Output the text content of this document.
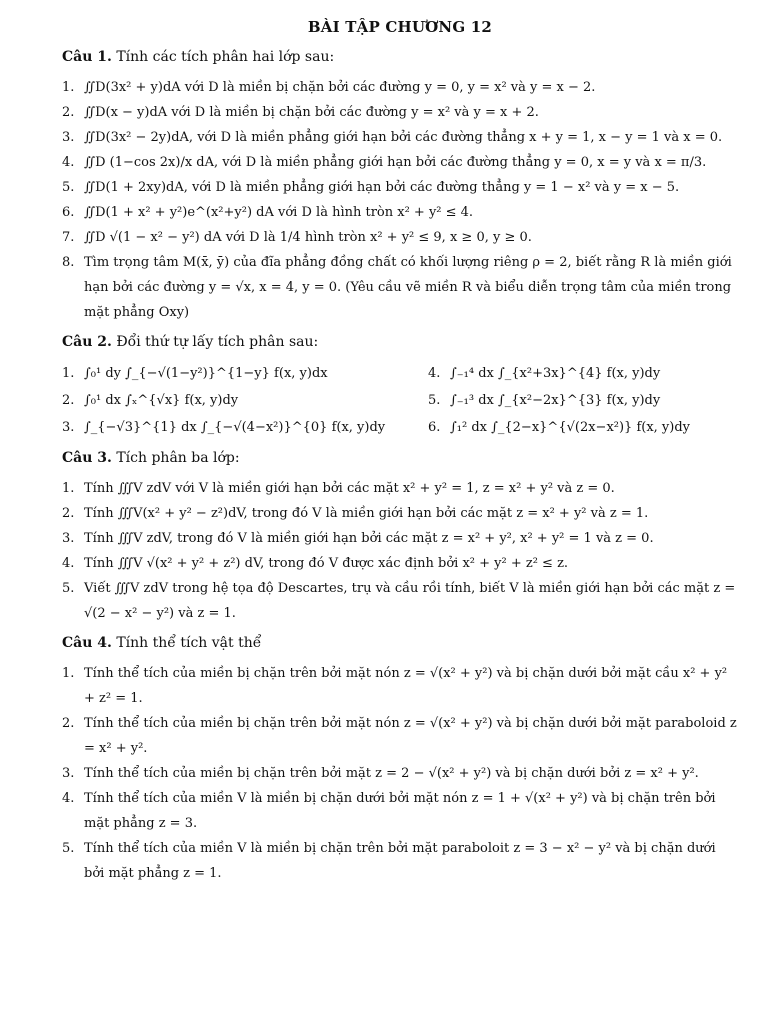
BÀI TẬP CHƯƠNG 12
Câu 1. Tính các tích phân hai lớp sau:
1. ∬D(3x² + y)dA với D là miền bị chặn bởi các đường y = 0, y = x² và y = x − 2.
2. ∬D(x − y)dA với D là miền bị chặn bởi các đường y = x² và y = x + 2.
3. ∬D(3x² − 2y)dA, với D là miền phẳng giới hạn bởi các đường thẳng x + y = 1, x − y = 1 và x = 0.
4. ∬D (1−cos 2x)/x dA, với D là miền phẳng giới hạn bởi các đường thẳng y = 0, x = y và x = π/3.
5. ∬D(1 + 2xy)dA, với D là miền phẳng giới hạn bởi các đường thẳng y = 1 − x² và y = x − 5.
6. ∬D(1 + x² + y²)e^(x²+y²) dA với D là hình tròn x² + y² ≤ 4.
7. ∬D √(1 − x² − y²) dA với D là 1/4 hình tròn x² + y² ≤ 9, x ≥ 0, y ≥ 0.
8. Tìm trọng tâm M(x̄, ȳ) của đĩa phẳng đồng chất có khối lượng riêng ρ = 2, biết rằng R là miền giới hạn bởi các đường y = √x, x = 4, y = 0. (Yêu cầu vẽ miền R và biểu diễn trọng tâm của miền trong mặt phẳng Oxy)
Câu 2. Đổi thứ tự lấy tích phân sau:
1. ∫₀¹ dy ∫_{−√(1−y²)}^{1−y} f(x, y)dx	4. ∫₋₁⁴ dx ∫_{x²+3x}^{4} f(x, y)dy
2. ∫₀¹ dx ∫ₓ^{√x} f(x, y)dy	5. ∫₋₁³ dx ∫_{x²−2x}^{3} f(x, y)dy
3. ∫_{−√3}^{1} dx ∫_{−√(4−x²)}^{0} f(x, y)dy	6. ∫₁² dx ∫_{2−x}^{√(2x−x²)} f(x, y)dy
Câu 3. Tích phân ba lớp:
1. Tính ∭V zdV với V là miền giới hạn bởi các mặt x² + y² = 1, z = x² + y² và z = 0.
2. Tính ∭V(x² + y² − z²)dV, trong đó V là miền giới hạn bởi các mặt z = x² + y² và z = 1.
3. Tính ∭V zdV, trong đó V là miền giới hạn bởi các mặt z = x² + y², x² + y² = 1 và z = 0.
4. Tính ∭V √(x² + y² + z²) dV, trong đó V được xác định bởi x² + y² + z² ≤ z.
5. Viết ∭V zdV trong hệ tọa độ Descartes, trụ và cầu rồi tính, biết V là miền giới hạn bởi các mặt z = √(2 − x² − y²) và z = 1.
Câu 4. Tính thể tích vật thể
1. Tính thể tích của miền bị chặn trên bởi mặt nón z = √(x² + y²) và bị chặn dưới bởi mặt cầu x² + y² + z² = 1.
2. Tính thể tích của miền bị chặn trên bởi mặt nón z = √(x² + y²) và bị chặn dưới bởi mặt paraboloid z = x² + y².
3. Tính thể tích của miền bị chặn trên bởi mặt z = 2 − √(x² + y²) và bị chặn dưới bởi z = x² + y².
4. Tính thể tích của miền V là miền bị chặn dưới bởi mặt nón z = 1 + √(x² + y²) và bị chặn trên bởi mặt phẳng z = 3.
5. Tính thể tích của miền V là miền bị chặn trên bởi mặt paraboloit z = 3 − x² − y² và bị chặn dưới bởi mặt phẳng z = 1.
